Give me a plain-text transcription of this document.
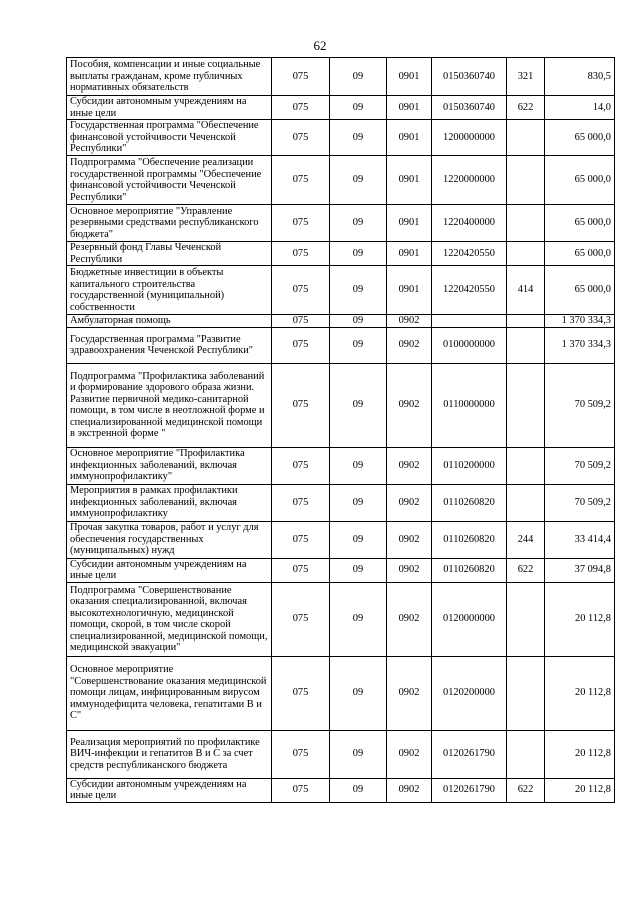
62
Пособия, компенсации и иные социальные выплаты гражданам, кроме публичных нормативных обязательств	075	09	0901	0150360740	321	830,5
Субсидии автономным учреждениям на иные цели	075	09	0901	0150360740	622	14,0
Государственная программа "Обеспечение финансовой устойчивости Чеченской Республики"	075	09	0901	1200000000		65 000,0
Подпрограмма "Обеспечение реализации государственной программы "Обеспечение финансовой устойчивости Чеченской Республики"	075	09	0901	1220000000		65 000,0
Основное мероприятие "Управление резервными средствами республиканского бюджета"	075	09	0901	1220400000		65 000,0
Резервный фонд Главы Чеченской Республики	075	09	0901	1220420550		65 000,0
Бюджетные инвестиции в объекты капитального строительства государственной (муниципальной) собственности	075	09	0901	1220420550	414	65 000,0
Амбулаторная помощь	075	09	0902			1 370 334,3
Государственная программа "Развитие здравоохранения Чеченской Республики"	075	09	0902	0100000000		1 370 334,3
Подпрограмма "Профилактика заболеваний и формирование здорового образа жизни. Развитие первичной медико-санитарной помощи, в том числе в неотложной форме и специализированной медицинской помощи в экстренной форме "	075	09	0902	0110000000		70 509,2
Основное мероприятие "Профилактика инфекционных заболеваний, включая иммунопрофилактику"	075	09	0902	0110200000		70 509,2
Мероприятия в рамках профилактики инфекционных заболеваний, включая иммунопрофилактику	075	09	0902	0110260820		70 509,2
Прочая закупка товаров, работ и услуг для обеспечения государственных (муниципальных) нужд	075	09	0902	0110260820	244	33 414,4
Субсидии автономным учреждениям на иные цели	075	09	0902	0110260820	622	37 094,8
Подпрограмма "Совершенствование оказания специализированной, включая высокотехнологичную, медицинской помощи, скорой, в том числе скорой специализированной, медицинской помощи, медицинской эвакуации"	075	09	0902	0120000000		20 112,8
Основное мероприятие "Совершенствование оказания медицинской помощи лицам, инфицированным вирусом иммунодефицита человека, гепатитами В и С"	075	09	0902	0120200000		20 112,8
Реализация мероприятий по профилактике ВИЧ-инфекции и гепатитов В и С за счет средств республиканского бюджета	075	09	0902	0120261790		20 112,8
Субсидии автономным учреждениям на иные цели	075	09	0902	0120261790	622	20 112,8
